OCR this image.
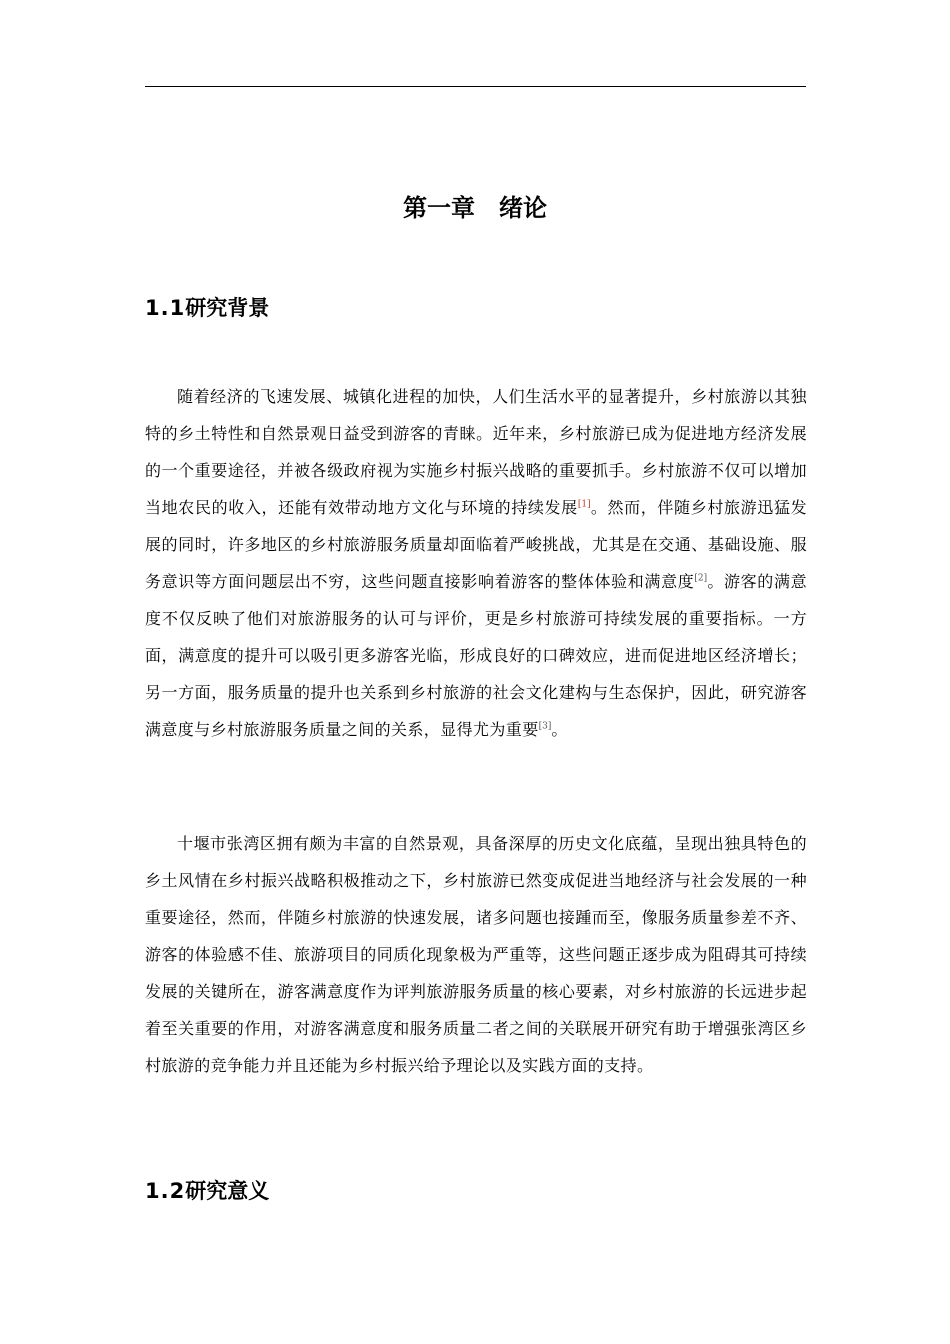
第一章　绪论
1.1研究背景

随着经济的飞速发展、城镇化进程的加快，人们生活水平的显著提升，乡村旅游以其独特的乡土特性和自然景观日益受到游客的青睐。近年来，乡村旅游已成为促进地方经济发展的一个重要途径，并被各级政府视为实施乡村振兴战略的重要抓手。乡村旅游不仅可以增加当地农民的收入，还能有效带动地方文化与环境的持续发展[1]。然而，伴随乡村旅游迅猛发展的同时，许多地区的乡村旅游服务质量却面临着严峻挑战，尤其是在交通、基础设施、服务意识等方面问题层出不穷，这些问题直接影响着游客的整体体验和满意度[2]。游客的满意度不仅反映了他们对旅游服务的认可与评价，更是乡村旅游可持续发展的重要指标。一方面，满意度的提升可以吸引更多游客光临，形成良好的口碑效应，进而促进地区经济增长；另一方面，服务质量的提升也关系到乡村旅游的社会文化建构与生态保护，因此，研究游客满意度与乡村旅游服务质量之间的关系，显得尤为重要[3]。

十堰市张湾区拥有颇为丰富的自然景观，具备深厚的历史文化底蕴，呈现出独具特色的乡土风情在乡村振兴战略积极推动之下，乡村旅游已然变成促进当地经济与社会发展的一种重要途径，然而，伴随乡村旅游的快速发展，诸多问题也接踵而至，像服务质量参差不齐、游客的体验感不佳、旅游项目的同质化现象极为严重等，这些问题正逐步成为阻碍其可持续发展的关键所在，游客满意度作为评判旅游服务质量的核心要素，对乡村旅游的长远进步起着至关重要的作用，对游客满意度和服务质量二者之间的关联展开研究有助于增强张湾区乡村旅游的竞争能力并且还能为乡村振兴给予理论以及实践方面的支持。

1.2研究意义
